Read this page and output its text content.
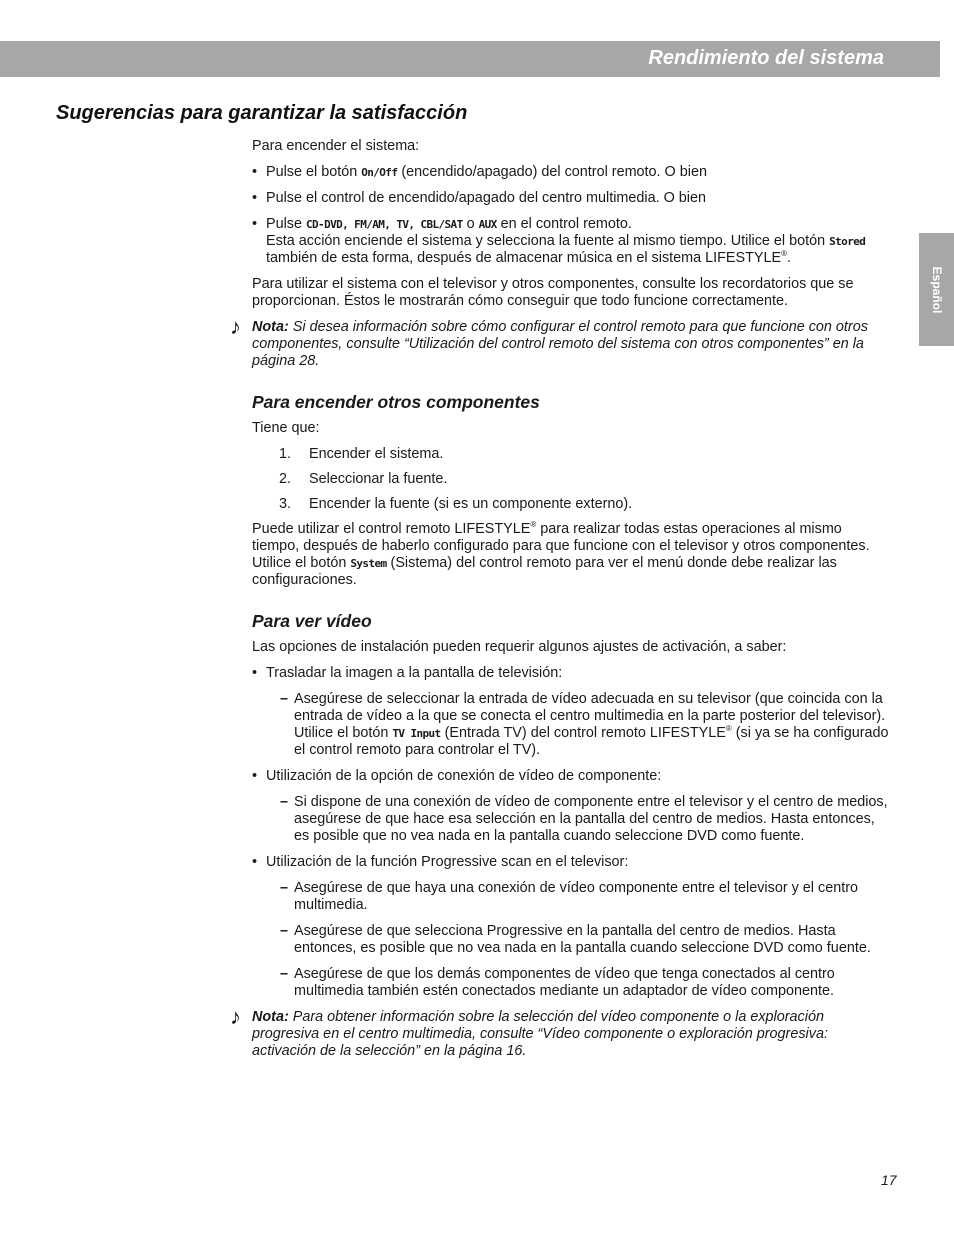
Rendimiento del sistema
Español
Sugerencias para garantizar la satisfacción

Para encender el sistema:

• Pulse el botón On/Off (encendido/apagado) del control remoto. O bien

• Pulse el control de encendido/apagado del centro multimedia. O bien

• Pulse CD-DVD, FM/AM, TV, CBL/SAT o AUX en el control remoto.
Esta acción enciende el sistema y selecciona la fuente al mismo tiempo. Utilice el botón Stored también de esta forma, después de almacenar música en el sistema LIFESTYLE®.

Para utilizar el sistema con el televisor y otros componentes, consulte los recordatorios que se proporcionan. Éstos le mostrarán cómo conseguir que todo funcione correctamente.

♪ Nota: Si desea información sobre cómo configurar el control remoto para que funcione con otros componentes, consulte “Utilización del control remoto del sistema con otros componentes” en la página 28.

Para encender otros componentes

Tiene que:

1. Encender el sistema.

2. Seleccionar la fuente.

3. Encender la fuente (si es un componente externo).

Puede utilizar el control remoto LIFESTYLE® para realizar todas estas operaciones al mismo tiempo, después de haberlo configurado para que funcione con el televisor y otros componentes. Utilice el botón System (Sistema) del control remoto para ver el menú donde debe realizar las configuraciones.

Para ver vídeo

Las opciones de instalación pueden requerir algunos ajustes de activación, a saber:

• Trasladar la imagen a la pantalla de televisión:

– Asegúrese de seleccionar la entrada de vídeo adecuada en su televisor (que coincida con la entrada de vídeo a la que se conecta el centro multimedia en la parte posterior del televisor). Utilice el botón TV Input (Entrada TV) del control remoto LIFESTYLE® (si ya se ha configurado el control remoto para controlar el TV).

• Utilización de la opción de conexión de vídeo de componente:

– Si dispone de una conexión de vídeo de componente entre el televisor y el centro de medios, asegúrese de que hace esa selección en la pantalla del centro de medios. Hasta entonces, es posible que no vea nada en la pantalla cuando seleccione DVD como fuente.

• Utilización de la función Progressive scan en el televisor:

– Asegúrese de que haya una conexión de vídeo componente entre el televisor y el centro multimedia.

– Asegúrese de que selecciona Progressive en la pantalla del centro de medios. Hasta entonces, es posible que no vea nada en la pantalla cuando seleccione DVD como fuente.

– Asegúrese de que los demás componentes de vídeo que tenga conectados al centro multimedia también estén conectados mediante un adaptador de vídeo componente.

♪ Nota: Para obtener información sobre la selección del vídeo componente o la exploración progresiva en el centro multimedia, consulte “Vídeo componente o exploración progresiva: activación de la selección” en la página 16.

17
